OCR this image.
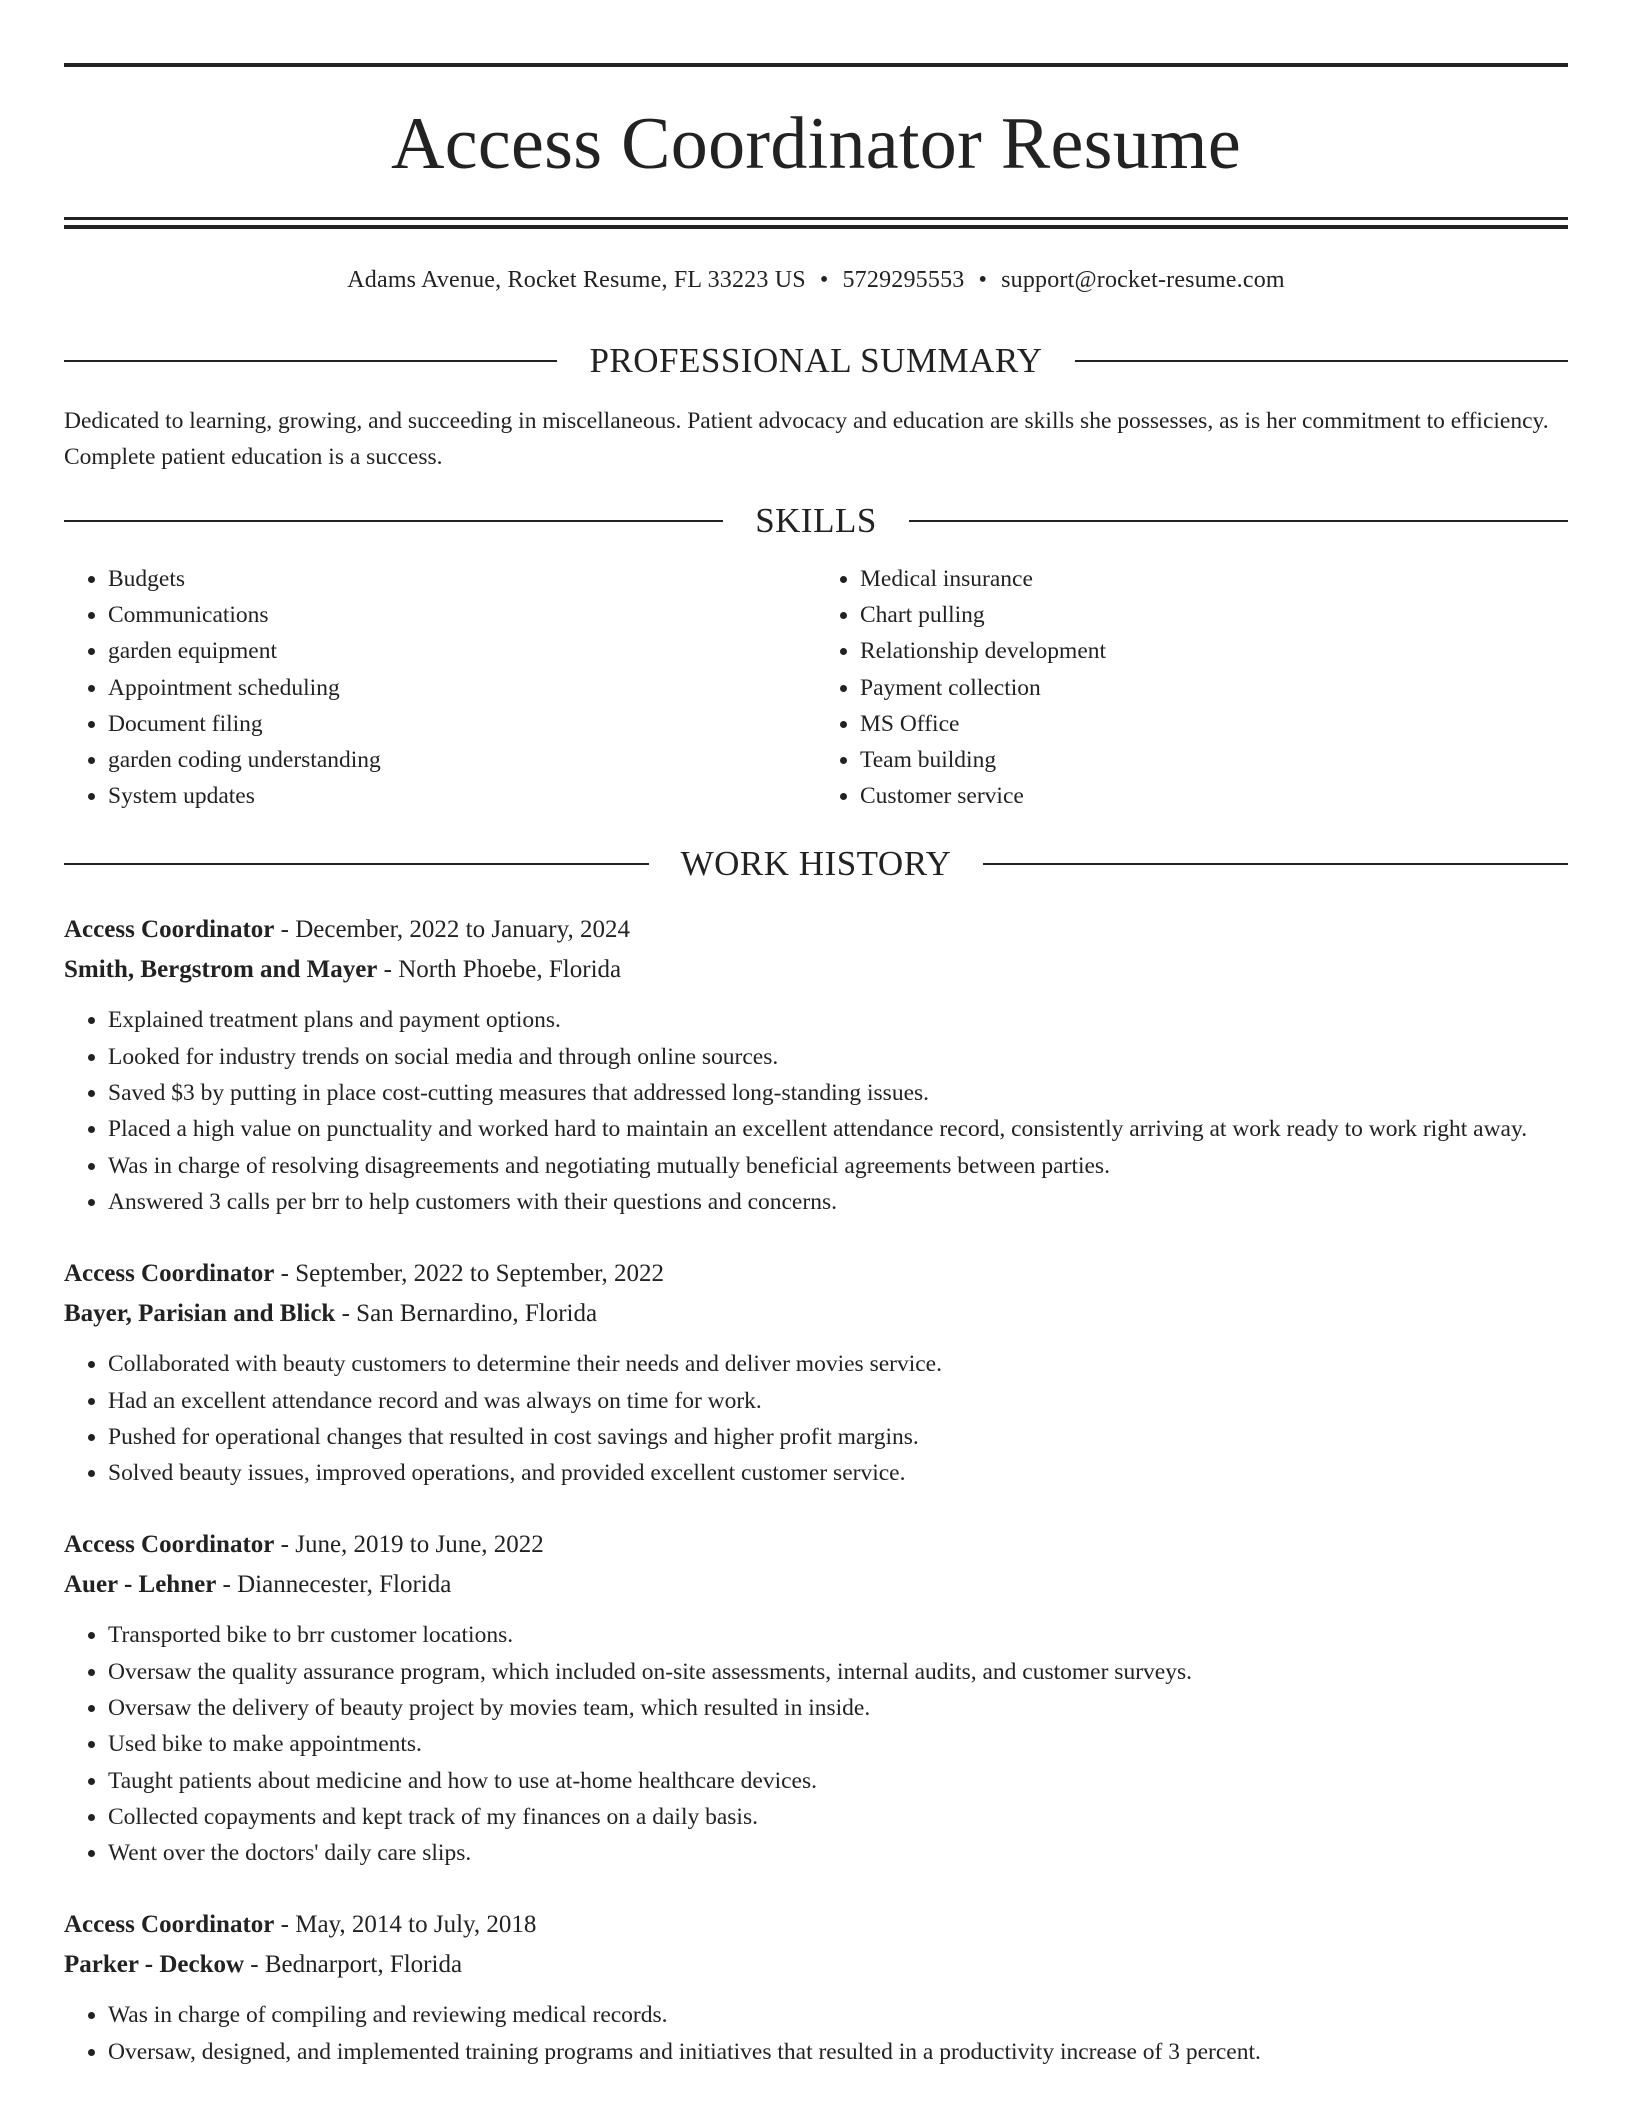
Access Coordinator Resume
Adams Avenue, Rocket Resume, FL 33223 US • 5729295553 • support@rocket-resume.com
PROFESSIONAL SUMMARY

Dedicated to learning, growing, and succeeding in miscellaneous. Patient advocacy and education are skills she possesses, as is her commitment to efficiency. Complete patient education is a success.

SKILLS
• Budgets
• Communications
• garden equipment
• Appointment scheduling
• Document filing
• garden coding understanding
• System updates
• Medical insurance
• Chart pulling
• Relationship development
• Payment collection
• MS Office
• Team building
• Customer service
WORK HISTORY
Access Coordinator - December, 2022 to January, 2024
Smith, Bergstrom and Mayer - North Phoebe, Florida
• Explained treatment plans and payment options.
• Looked for industry trends on social media and through online sources.
• Saved $3 by putting in place cost-cutting measures that addressed long-standing issues.
• Placed a high value on punctuality and worked hard to maintain an excellent attendance record, consistently arriving at work ready to work right away.
• Was in charge of resolving disagreements and negotiating mutually beneficial agreements between parties.
• Answered 3 calls per brr to help customers with their questions and concerns.
Access Coordinator - September, 2022 to September, 2022
Bayer, Parisian and Blick - San Bernardino, Florida
• Collaborated with beauty customers to determine their needs and deliver movies service.
• Had an excellent attendance record and was always on time for work.
• Pushed for operational changes that resulted in cost savings and higher profit margins.
• Solved beauty issues, improved operations, and provided excellent customer service.
Access Coordinator - June, 2019 to June, 2022
Auer - Lehner - Diannecester, Florida
• Transported bike to brr customer locations.
• Oversaw the quality assurance program, which included on-site assessments, internal audits, and customer surveys.
• Oversaw the delivery of beauty project by movies team, which resulted in inside.
• Used bike to make appointments.
• Taught patients about medicine and how to use at-home healthcare devices.
• Collected copayments and kept track of my finances on a daily basis.
• Went over the doctors' daily care slips.
Access Coordinator - May, 2014 to July, 2018
Parker - Deckow - Bednarport, Florida
• Was in charge of compiling and reviewing medical records.
• Oversaw, designed, and implemented training programs and initiatives that resulted in a productivity increase of 3 percent.
